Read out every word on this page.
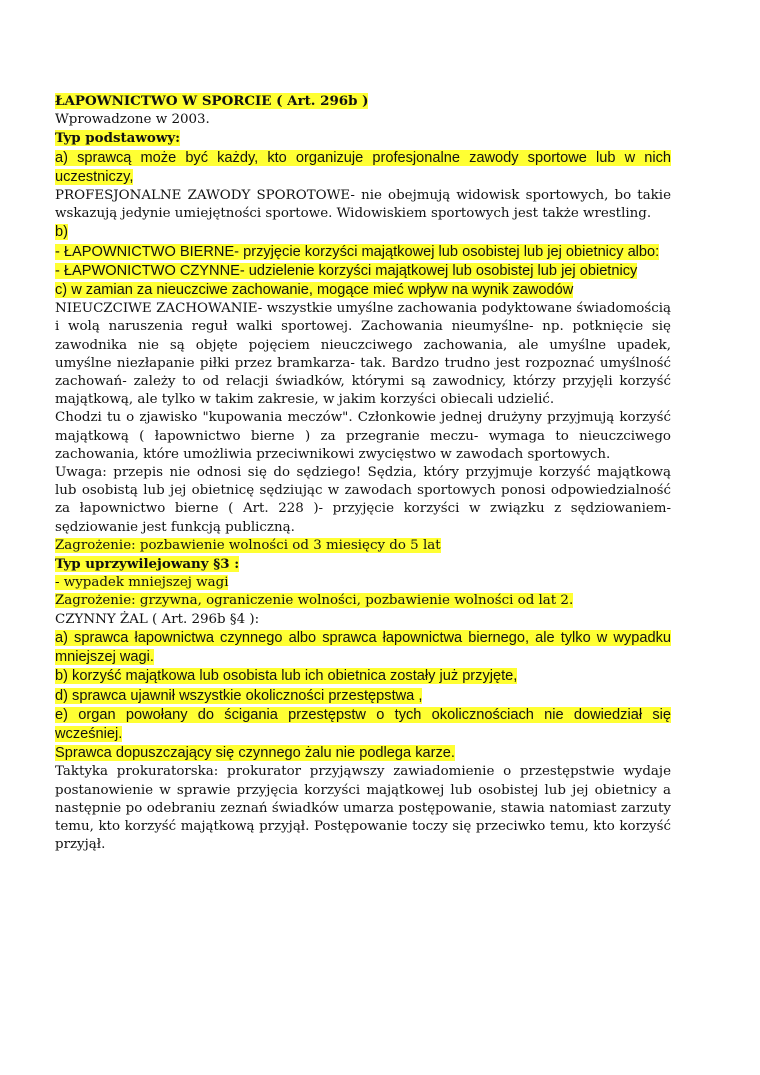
ŁAPOWNICTWO W SPORCIE ( Art. 296b )

Wprowadzone w 2003.

Typ podstawowy:

a) sprawcą może być każdy, kto organizuje profesjonalne zawody sportowe lub w nich uczestniczy,

PROFESJONALNE ZAWODY SPOROTOWE- nie obejmują widowisk sportowych, bo takie wskazują jedynie umiejętności sportowe. Widowiskiem sportowych jest także wrestling.

b)

- ŁAPOWNICTWO BIERNE- przyjęcie korzyści majątkowej lub osobistej lub jej obietnicy albo:

- ŁAPWONICTWO CZYNNE- udzielenie korzyści majątkowej lub osobistej lub jej obietnicy

c) w zamian za nieuczciwe zachowanie, mogące mieć wpływ na wynik zawodów

NIEUCZCIWE ZACHOWANIE- wszystkie umyślne zachowania podyktowane świadomością i wolą naruszenia reguł walki sportowej. Zachowania nieumyślne- np. potknięcie się zawodnika nie są objęte pojęciem nieuczciwego zachowania, ale umyślne upadek, umyślne niezłapanie piłki przez bramkarza- tak. Bardzo trudno jest rozpoznać umyślność zachowań- zależy to od relacji świadków, którymi są zawodnicy, którzy przyjęli korzyść majątkową, ale tylko w takim zakresie, w jakim korzyści obiecali udzielić.

Chodzi tu o zjawisko "kupowania meczów". Członkowie jednej drużyny przyjmują korzyść majątkową ( łapownictwo bierne ) za przegranie meczu- wymaga to nieuczciwego zachowania, które umożliwia przeciwnikowi zwycięstwo w zawodach sportowych.

Uwaga: przepis nie odnosi się do sędziego! Sędzia, który przyjmuje korzyść majątkową lub osobistą lub jej obietnicę sędziując w zawodach sportowych ponosi odpowiedzialność za łapownictwo bierne ( Art. 228 )- przyjęcie korzyści w związku z sędziowaniem- sędziowanie jest funkcją publiczną.

Zagrożenie: pozbawienie wolności od 3 miesięcy do 5 lat

Typ uprzywilejowany §3 :

- wypadek mniejszej wagi

Zagrożenie: grzywna, ograniczenie wolności, pozbawienie wolności od lat 2.

CZYNNY ŻAL ( Art. 296b §4 ):

a) sprawca łapownictwa czynnego albo sprawca łapownictwa biernego, ale tylko w wypadku mniejszej wagi.

b) korzyść majątkowa lub osobista lub ich obietnica zostały już przyjęte,

d) sprawca ujawnił wszystkie okoliczności przestępstwa ,

e) organ powołany do ścigania przestępstw o tych okolicznościach nie dowiedział się wcześniej.

Sprawca dopuszczający się czynnego żalu nie podlega karze.

Taktyka prokuratorska: prokurator przyjąwszy zawiadomienie o przestępstwie wydaje postanowienie w sprawie przyjęcia korzyści majątkowej lub osobistej lub jej obietnicy a następnie po odebraniu zeznań świadków umarza postępowanie, stawia natomiast zarzuty temu, kto korzyść majątkową przyjął. Postępowanie toczy się przeciwko temu, kto korzyść przyjął.
